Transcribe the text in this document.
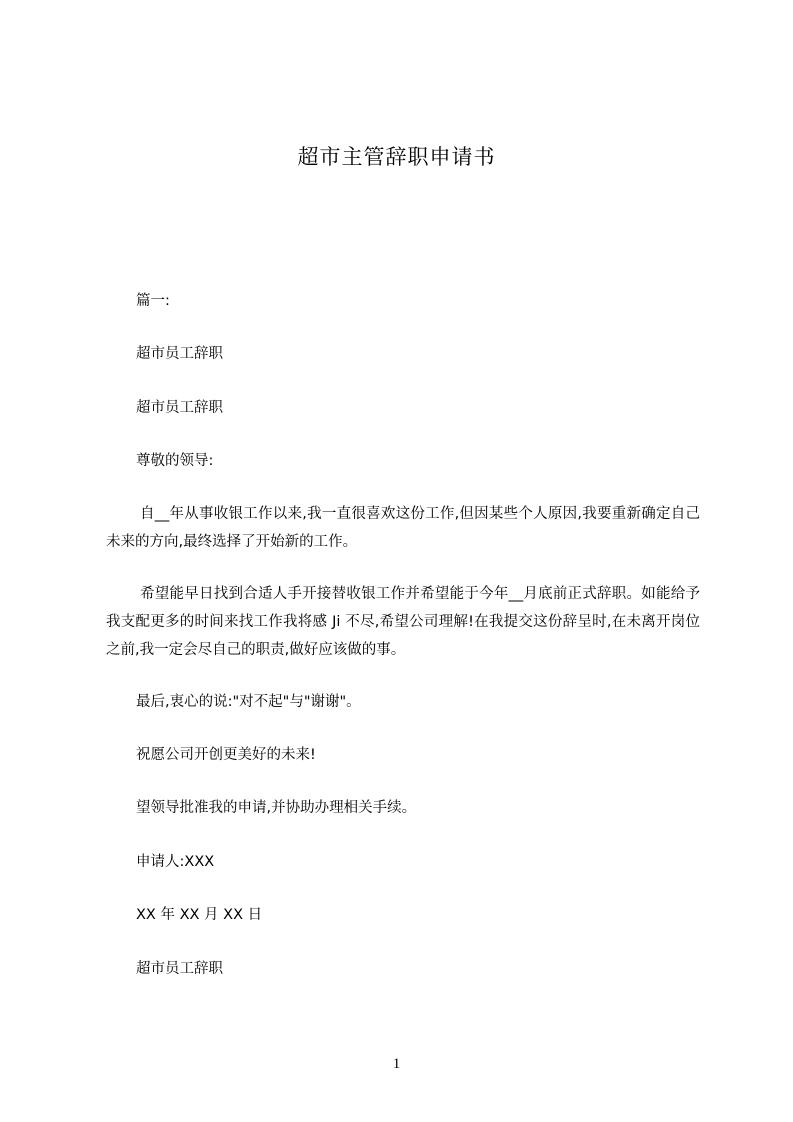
超市主管辞职申请书
篇一:
超市员工辞职
超市员工辞职
尊敬的领导:
自__年从事收银工作以来,我一直很喜欢这份工作,但因某些个人原因,我要重新确定自己未来的方向,最终选择了开始新的工作。
希望能早日找到合适人手开接替收银工作并希望能于今年__月底前正式辞职。如能给予我支配更多的时间来找工作我将感 Ji 不尽,希望公司理解!在我提交这份辞呈时,在未离开岗位之前,我一定会尽自己的职责,做好应该做的事。
最后,衷心的说:"对不起"与"谢谢"。
祝愿公司开创更美好的未来!
望领导批准我的申请,并协助办理相关手续。
申请人:XXX
XX 年 XX 月 XX 日
超市员工辞职
1
